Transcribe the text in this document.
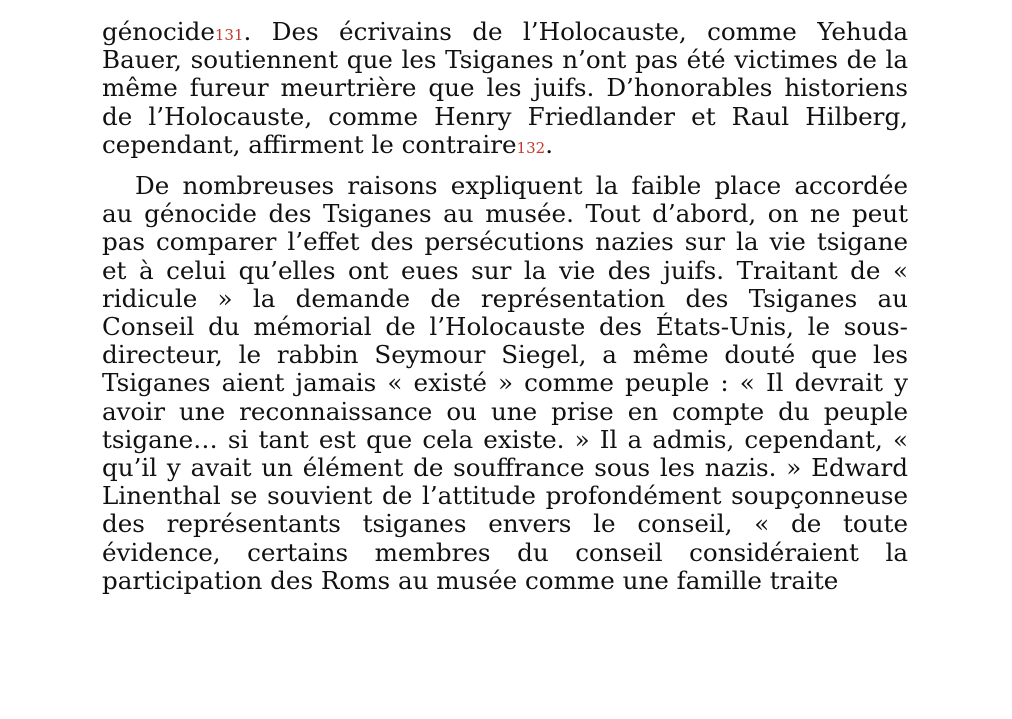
génocide131. Des écrivains de l’Holocauste, comme Yehuda Bauer, soutiennent que les Tsiganes n’ont pas été victimes de la même fureur meurtrière que les juifs. D’honorables historiens de l’Holocauste, comme Henry Friedlander et Raul Hilberg, cependant, affirment le contraire132.

De nombreuses raisons expliquent la faible place accordée au génocide des Tsiganes au musée. Tout d’abord, on ne peut pas comparer l’effet des persécutions nazies sur la vie tsigane et à celui qu’elles ont eues sur la vie des juifs. Traitant de « ridicule » la demande de représentation des Tsiganes au Conseil du mémorial de l’Holocauste des États-Unis, le sous-directeur, le rabbin Seymour Siegel, a même douté que les Tsiganes aient jamais « existé » comme peuple : « Il devrait y avoir une reconnaissance ou une prise en compte du peuple tsigane… si tant est que cela existe. » Il a admis, cependant, « qu’il y avait un élément de souffrance sous les nazis. » Edward Linenthal se souvient de l’attitude profondément soupçonneuse des représentants tsiganes envers le conseil, « de toute évidence, certains membres du conseil considéraient la participation des Roms au musée comme une famille traite
